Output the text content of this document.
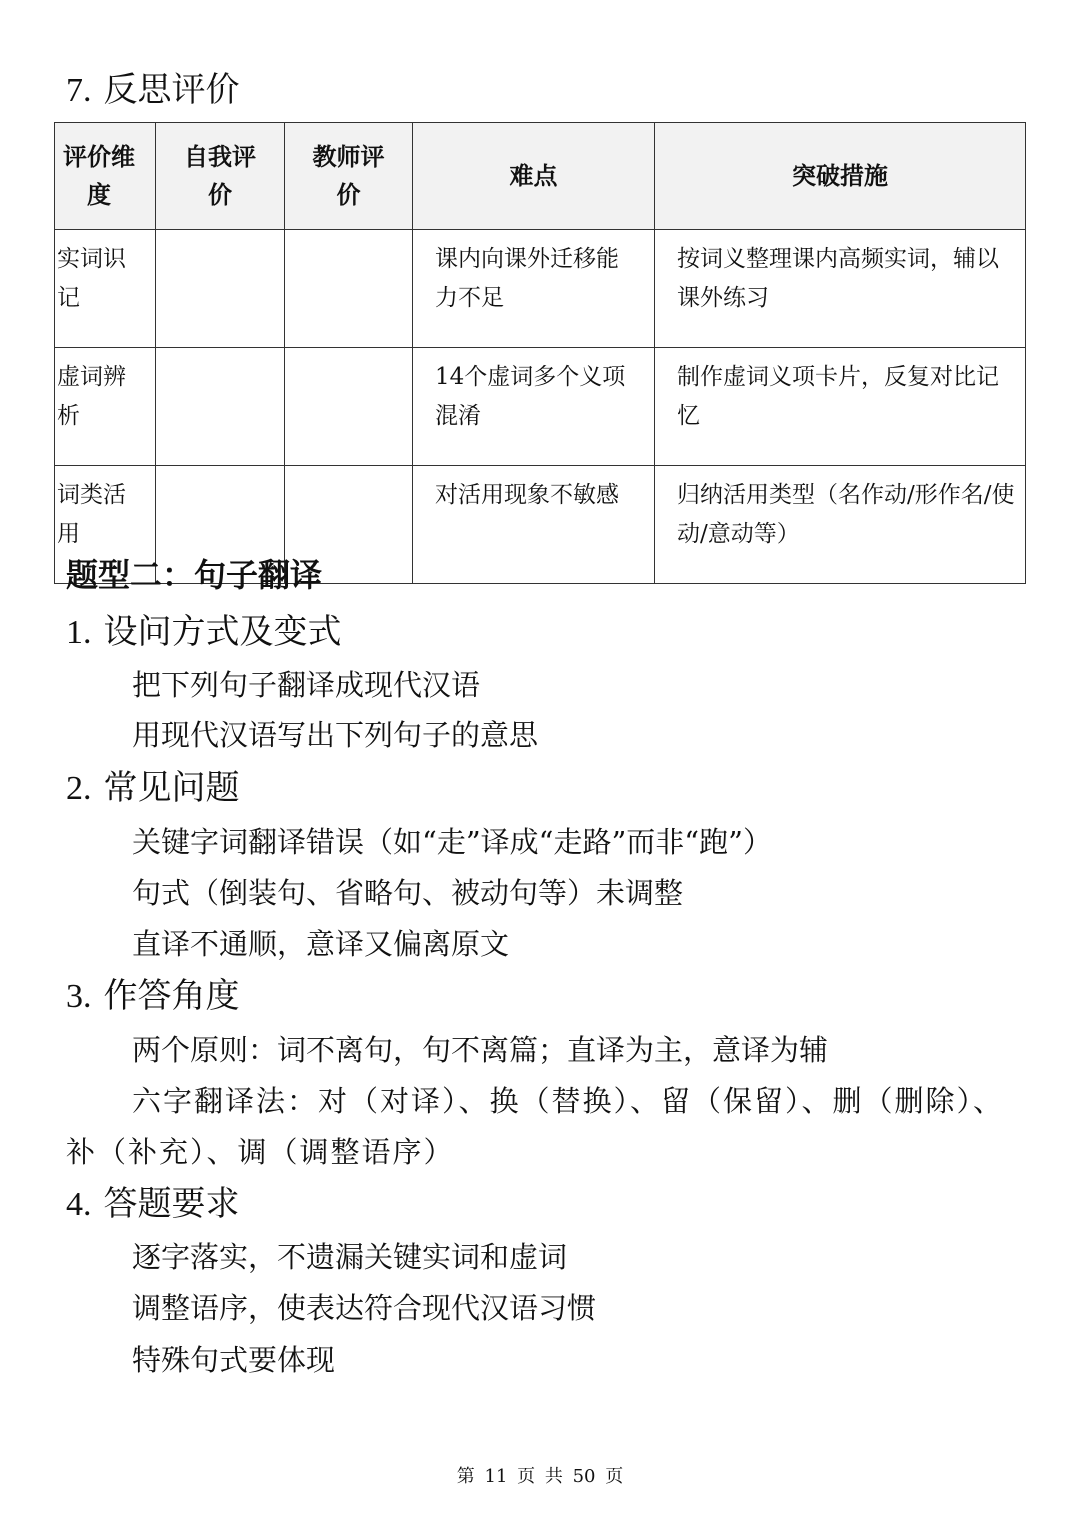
7. 反思评价
评价维度	自我评价	教师评价	难点	突破措施
实词识记			课内向课外迁移能力不足	按词义整理课内高频实词，辅以课外练习
虚词辨析			14个虚词多个义项混淆	制作虚词义项卡片，反复对比记忆
词类活用			对活用现象不敏感	归纳活用类型（名作动/形作名/使动/意动等）
题型二：句子翻译
1. 设问方式及变式

把下列句子翻译成现代汉语

用现代汉语写出下列句子的意思

2. 常见问题

关键字词翻译错误（如“走”译成“走路”而非“跑”）

句式（倒装句、省略句、被动句等）未调整

直译不通顺，意译又偏离原文

3. 作答角度

两个原则：词不离句，句不离篇；直译为主，意译为辅

六字翻译法：对（对译）、换（替换）、留（保留）、删（删除）、补（补充）、调（调整语序）

4. 答题要求

逐字落实，不遗漏关键实词和虚词

调整语序，使表达符合现代汉语习惯

特殊句式要体现

第 11 页 共 50 页
